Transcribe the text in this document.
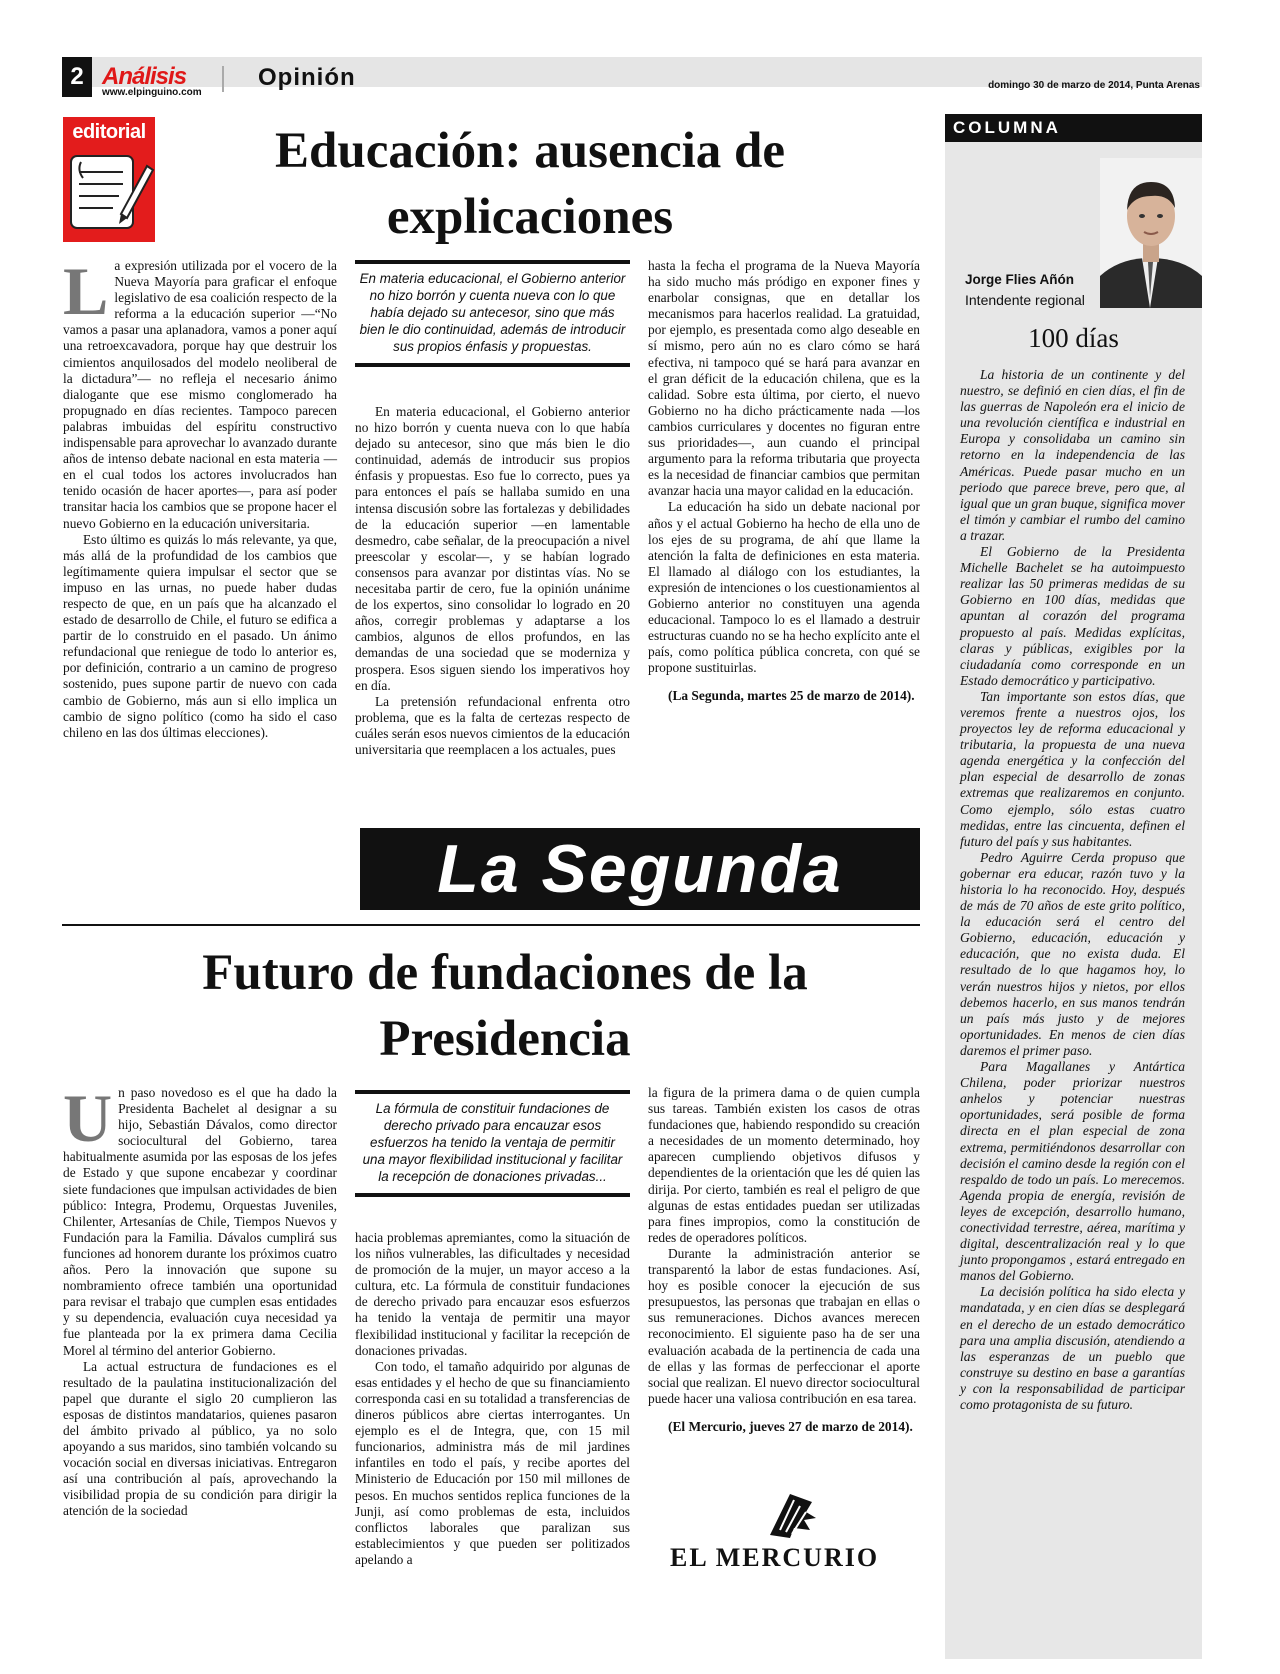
2 Análisis
www.elpinguino.com
Opinión	domingo 30 de marzo de 2014, Punta Arenas
editorial	Educación: ausencia de explicaciones
L a expresión utilizada por el vocero de la Nueva Mayoría para graficar el enfoque legislativo de esa coalición respecto de la reforma a la educación superior —“No vamos a pasar una aplanadora, vamos a poner aquí una retroexcavadora, porque hay que destruir los cimientos anquilosados del modelo neoliberal de la dictadura”— no refleja el necesario ánimo dialogante que ese mismo conglomerado ha propugnado en días recientes. Tampoco parecen palabras imbuidas del espíritu constructivo indispensable para aprovechar lo avanzado durante años de intenso debate nacional en esta materia —en el cual todos los actores involucrados han tenido ocasión de hacer aportes—, para así poder transitar hacia los cambios que se propone hacer el nuevo Gobierno en la educación universitaria.

Esto último es quizás lo más relevante, ya que, más allá de la profundidad de los cambios que legítimamente quiera impulsar el sector que se impuso en las urnas, no puede haber dudas respecto de que, en un país que ha alcanzado el estado de desarrollo de Chile, el futuro se edifica a partir de lo construido en el pasado. Un ánimo refundacional que reniegue de todo lo anterior es, por definición, contrario a un camino de progreso sostenido, pues supone partir de nuevo con cada cambio de Gobierno, más aun si ello implica un cambio de signo político (como ha sido el caso chileno en las dos últimas elecciones).

En materia educacional, el Gobierno anterior no hizo borrón y cuenta nueva con lo que había dejado su antecesor, sino que más bien le dio continuidad, además de introducir sus propios énfasis y propuestas.

En materia educacional, el Gobierno anterior no hizo borrón y cuenta nueva con lo que había dejado su antecesor, sino que más bien le dio continuidad, además de introducir sus propios énfasis y propuestas. Eso fue lo correcto, pues ya para entonces el país se hallaba sumido en una intensa discusión sobre las fortalezas y debilidades de la educación superior —en lamentable desmedro, cabe señalar, de la preocupación a nivel preescolar y escolar—, y se habían logrado consensos para avanzar por distintas vías. No se necesitaba partir de cero, fue la opinión unánime de los expertos, sino consolidar lo logrado en 20 años, corregir problemas y adaptarse a los cambios, algunos de ellos profundos, en las demandas de una sociedad que se moderniza y prospera. Esos siguen siendo los imperativos hoy en día.

La pretensión refundacional enfrenta otro problema, que es la falta de certezas respecto de cuáles serán esos nuevos cimientos de la educación universitaria que reemplacen a los actuales, pues

hasta la fecha el programa de la Nueva Mayoría ha sido mucho más pródigo en exponer fines y enarbolar consignas, que en detallar los mecanismos para hacerlos realidad. La gratuidad, por ejemplo, es presentada como algo deseable en sí mismo, pero aún no es claro cómo se hará efectiva, ni tampoco qué se hará para avanzar en el gran déficit de la educación chilena, que es la calidad. Sobre esta última, por cierto, el nuevo Gobierno no ha dicho prácticamente nada —los cambios curriculares y docentes no figuran entre sus prioridades—, aun cuando el principal argumento para la reforma tributaria que proyecta es la necesidad de financiar cambios que permitan avanzar hacia una mayor calidad en la educación.

La educación ha sido un debate nacional por años y el actual Gobierno ha hecho de ella uno de los ejes de su programa, de ahí que llame la atención la falta de definiciones en esta materia. El llamado al diálogo con los estudiantes, la expresión de intenciones o los cuestionamientos al Gobierno anterior no constituyen una agenda educacional. Tampoco lo es el llamado a destruir estructuras cuando no se ha hecho explícito ante el país, como política pública concreta, con qué se propone sustituirlas.

(La Segunda, martes 25 de marzo de 2014).

La Segunda
Futuro de fundaciones de la Presidencia
U n paso novedoso es el que ha dado la Presidenta Bachelet al designar a su hijo, Sebastián Dávalos, como director sociocultural del Gobierno, tarea habitualmente asumida por las esposas de los jefes de Estado y que supone encabezar y coordinar siete fundaciones que impulsan actividades de bien público: Integra, Prodemu, Orquestas Juveniles, Chilenter, Artesanías de Chile, Tiempos Nuevos y Fundación para la Familia. Dávalos cumplirá sus funciones ad honorem durante los próximos cuatro años. Pero la innovación que supone su nombramiento ofrece también una oportunidad para revisar el trabajo que cumplen esas entidades y su dependencia, evaluación cuya necesidad ya fue planteada por la ex primera dama Cecilia Morel al término del anterior Gobierno.

La actual estructura de fundaciones es el resultado de la paulatina institucionalización del papel que durante el siglo 20 cumplieron las esposas de distintos mandatarios, quienes pasaron del ámbito privado al público, ya no solo apoyando a sus maridos, sino también volcando su vocación social en diversas iniciativas. Entregaron así una contribución al país, aprovechando la visibilidad propia de su condición para dirigir la atención de la sociedad

La fórmula de constituir fundaciones de derecho privado para encauzar esos esfuerzos ha tenido la ventaja de permitir una mayor flexibilidad institucional y facilitar la recepción de donaciones privadas...

hacia problemas apremiantes, como la situación de los niños vulnerables, las dificultades y necesidad de promoción de la mujer, un mayor acceso a la cultura, etc. La fórmula de constituir fundaciones de derecho privado para encauzar esos esfuerzos ha tenido la ventaja de permitir una mayor flexibilidad institucional y facilitar la recepción de donaciones privadas.

Con todo, el tamaño adquirido por algunas de esas entidades y el hecho de que su financiamiento corresponda casi en su totalidad a transferencias de dineros públicos abre ciertas interrogantes. Un ejemplo es el de Integra, que, con 15 mil funcionarios, administra más de mil jardines infantiles en todo el país, y recibe aportes del Ministerio de Educación por 150 mil millones de pesos. En muchos sentidos replica funciones de la Junji, así como problemas de esta, incluidos conflictos laborales que paralizan sus establecimientos y que pueden ser politizados apelando a

la figura de la primera dama o de quien cumpla sus tareas. También existen los casos de otras fundaciones que, habiendo respondido su creación a necesidades de un momento determinado, hoy aparecen cumpliendo objetivos difusos y dependientes de la orientación que les dé quien las dirija. Por cierto, también es real el peligro de que algunas de estas entidades puedan ser utilizadas para fines impropios, como la constitución de redes de operadores políticos.

Durante la administración anterior se transparentó la labor de estas fundaciones. Así, hoy es posible conocer la ejecución de sus presupuestos, las personas que trabajan en ellas o sus remuneraciones. Dichos avances merecen reconocimiento. El siguiente paso ha de ser una evaluación acabada de la pertinencia de cada una de ellas y las formas de perfeccionar el aporte social que realizan. El nuevo director sociocultural puede hacer una valiosa contribución en esa tarea.

(El Mercurio, jueves 27 de marzo de 2014).

EL MERCURIO
COLUMNA
Jorge Flies Añón
Intendente regional
100 días

La historia de un continente y del nuestro, se definió en cien días, el fin de las guerras de Napoleón era el inicio de una revolución científica e industrial en Europa y consolidaba un camino sin retorno en la independencia de las Américas. Puede pasar mucho en un periodo que parece breve, pero que, al igual que un gran buque, significa mover el timón y cambiar el rumbo del camino a trazar.

El Gobierno de la Presidenta Michelle Bachelet se ha autoimpuesto realizar las 50 primeras medidas de su Gobierno en 100 días, medidas que apuntan al corazón del programa propuesto al país. Medidas explícitas, claras y públicas, exigibles por la ciudadanía como corresponde en un Estado democrático y participativo.

Tan importante son estos días, que veremos frente a nuestros ojos, los proyectos ley de reforma educacional y tributaria, la propuesta de una nueva agenda energética y la confección del plan especial de desarrollo de zonas extremas que realizaremos en conjunto. Como ejemplo, sólo estas cuatro medidas, entre las cincuenta, definen el futuro del país y sus habitantes.

Pedro Aguirre Cerda propuso que gobernar era educar, razón tuvo y la historia lo ha reconocido. Hoy, después de más de 70 años de este grito político, la educación será el centro del Gobierno, educación, educación y educación, que no exista duda. El resultado de lo que hagamos hoy, lo verán nuestros hijos y nietos, por ellos debemos hacerlo, en sus manos tendrán un país más justo y de mejores oportunidades. En menos de cien días daremos el primer paso.

Para Magallanes y Antártica Chilena, poder priorizar nuestros anhelos y potenciar nuestras oportunidades, será posible de forma directa en el plan especial de zona extrema, permitiéndonos desarrollar con decisión el camino desde la región con el respaldo de todo un país. Lo merecemos. Agenda propia de energía, revisión de leyes de excepción, desarrollo humano, conectividad terrestre, aérea, marítima y digital, descentralización real y lo que junto propongamos , estará entregado en manos del Gobierno.

La decisión política ha sido electa y mandatada, y en cien días se desplegará en el derecho de un estado democrático para una amplia discusión, atendiendo a las esperanzas de un pueblo que construye su destino en base a garantías y con la responsabilidad de participar como protagonista de su futuro.
